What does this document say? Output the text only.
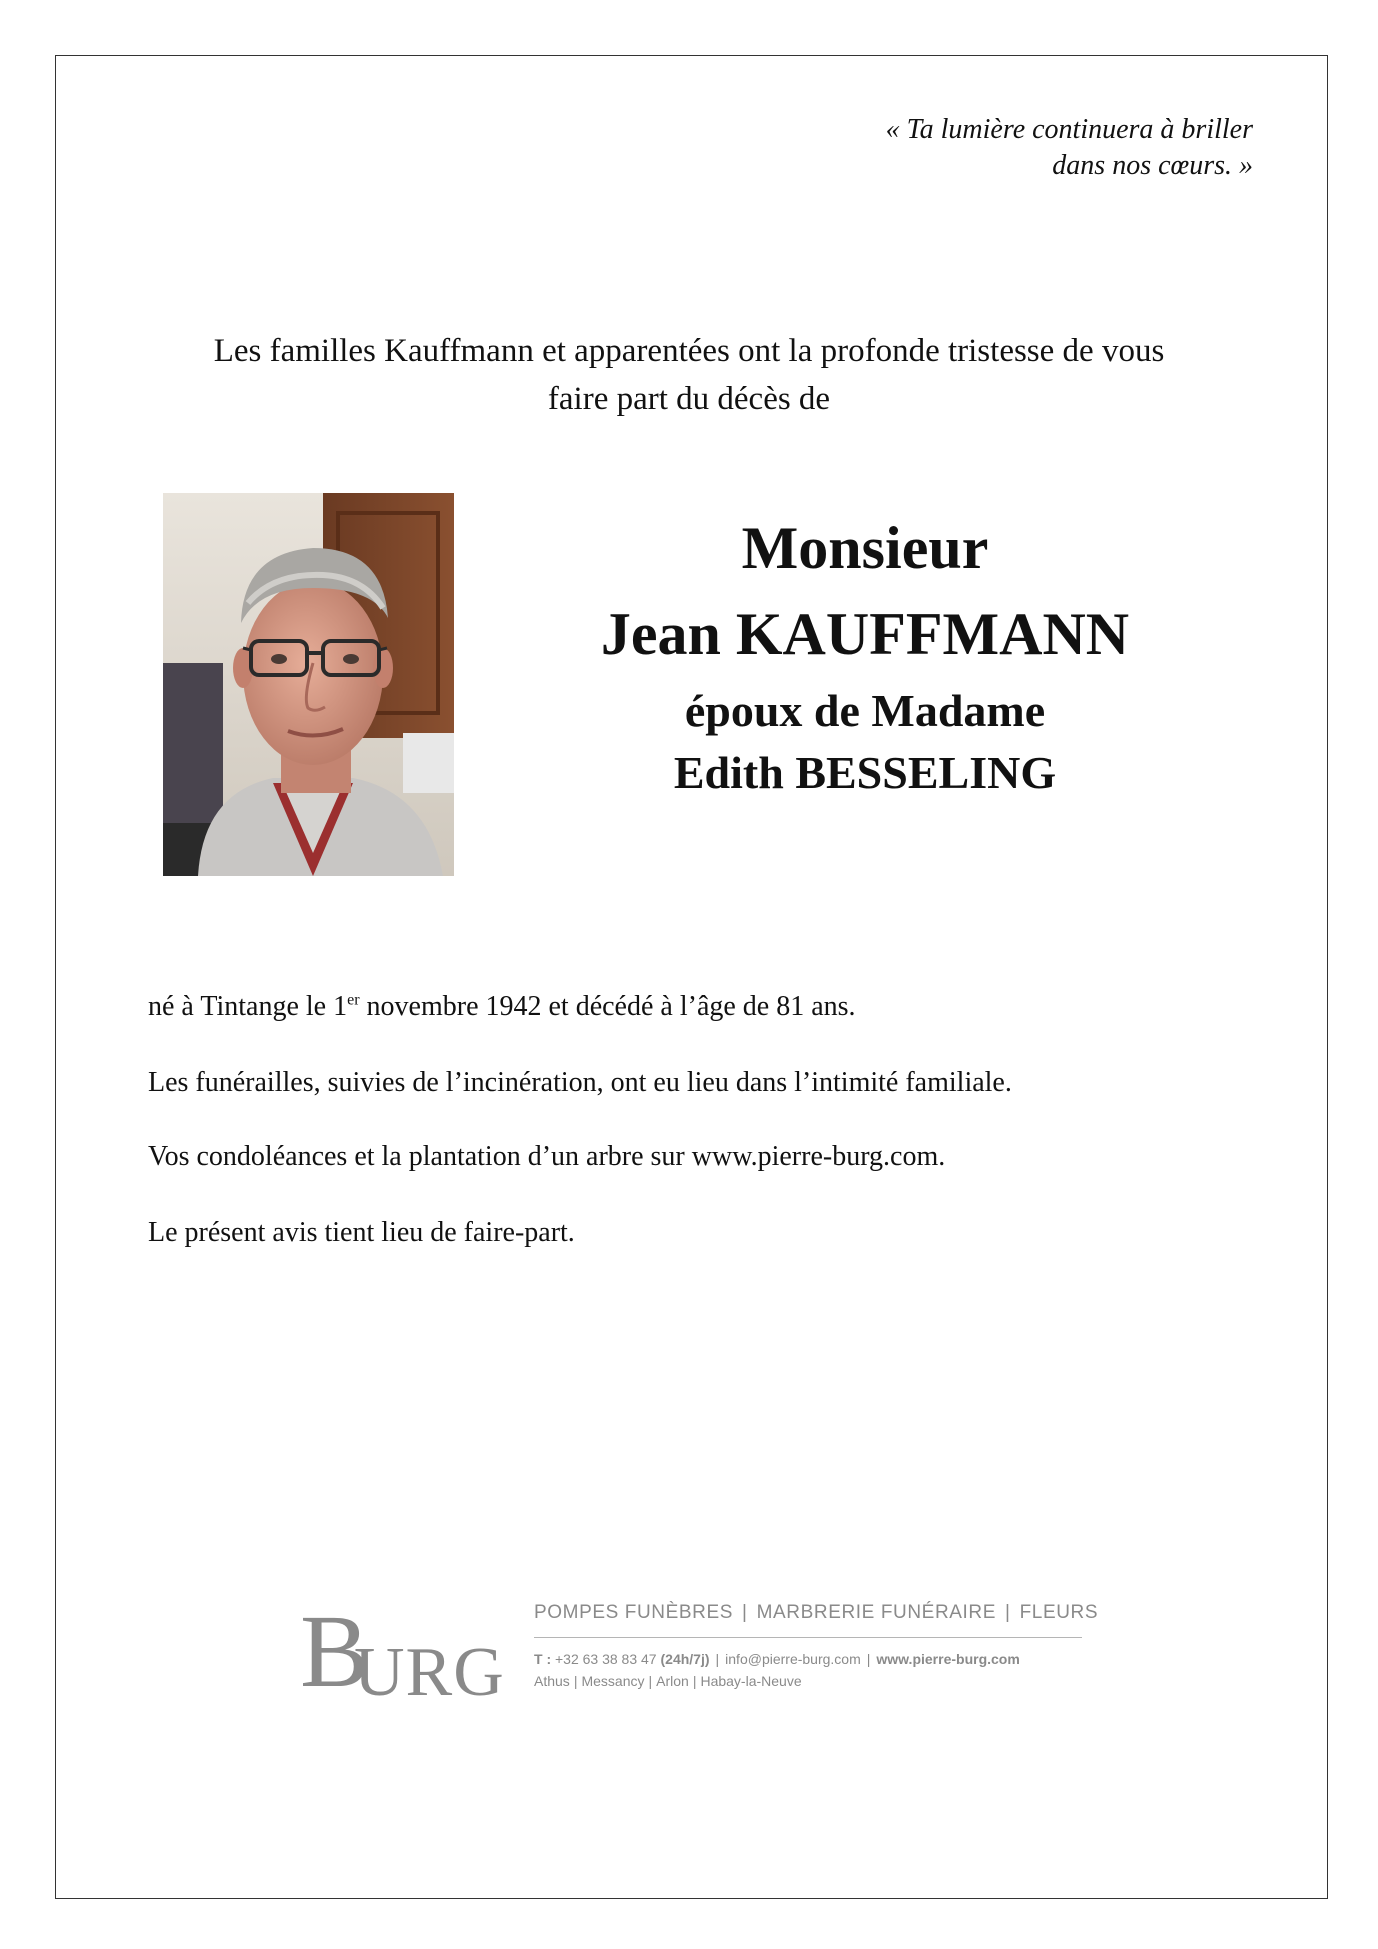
« Ta lumière continuera à briller
dans nos cœurs. »
Les familles Kauffmann et apparentées ont la profonde tristesse de vous
faire part du décès de
Monsieur
Jean KAUFFMANN
époux de Madame
Edith BESSELING
né à Tintange le 1er novembre 1942 et décédé à l’âge de 81 ans.
Les funérailles, suivies de l’incinération, ont eu lieu dans l’intimité familiale.
Vos condoléances et la plantation d’un arbre sur www.pierre-burg.com.
Le présent avis tient lieu de faire-part.
B
URG
POMPES FUNÈBRES | MARBRERIE FUNÉRAIRE | FLEURS
T : +32 63 38 83 47 (24h/7j) | info@pierre-burg.com | www.pierre-burg.com
Athus | Messancy | Arlon | Habay-la-Neuve
